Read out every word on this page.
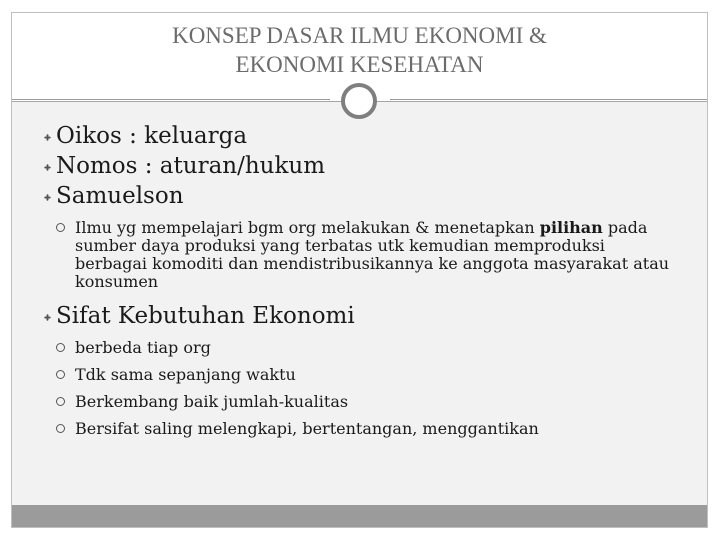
KONSEP DASAR ILMU EKONOMI &
EKONOMI KESEHATAN
Oikos : keluarga
Nomos : aturan/hukum
Samuelson
Ilmu yg mempelajari bgm org melakukan & menetapkan pilihan pada sumber daya produksi yang terbatas utk kemudian memproduksi berbagai komoditi dan mendistribusikannya ke anggota masyarakat atau konsumen
Sifat Kebutuhan Ekonomi
berbeda tiap org
Tdk sama sepanjang waktu
Berkembang baik jumlah-kualitas
Bersifat saling melengkapi, bertentangan, menggantikan
